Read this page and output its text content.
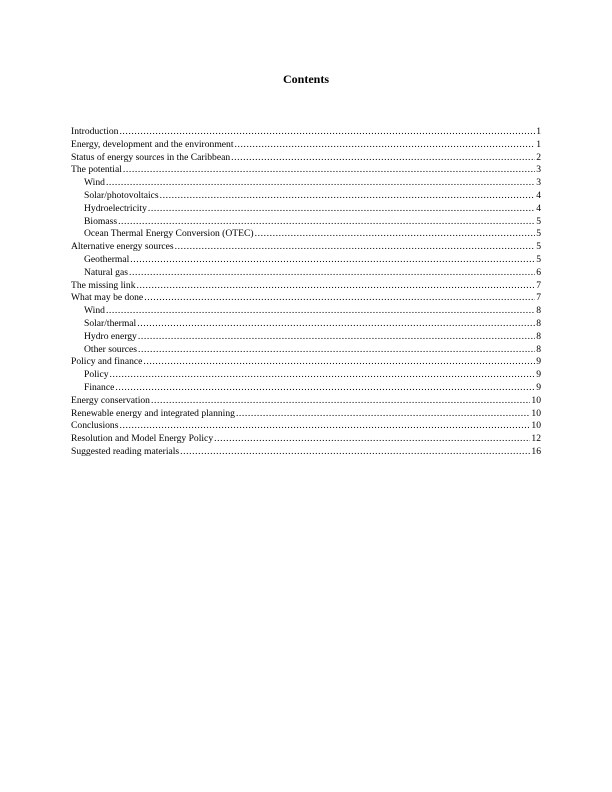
Contents
Introduction .....	1
Energy, development and the environment .....	1
Status of energy sources in the Caribbean .....	2
The potential .....	3
Wind .....	3
Solar/photovoltaics .....	4
Hydroelectricity .....	4
Biomass .....	5
Ocean Thermal Energy Conversion (OTEC) .....	5
Alternative energy sources .....	5
Geothermal .....	5
Natural gas .....	6
The missing link .....	7
What may be done .....	7
Wind .....	8
Solar/thermal .....	8
Hydro energy .....	8
Other sources .....	8
Policy and finance .....	9
Policy .....	9
Finance .....	9
Energy conservation .....	10
Renewable energy and integrated planning .....	10
Conclusions .....	10
Resolution and Model Energy Policy .....	12
Suggested reading materials .....	16
